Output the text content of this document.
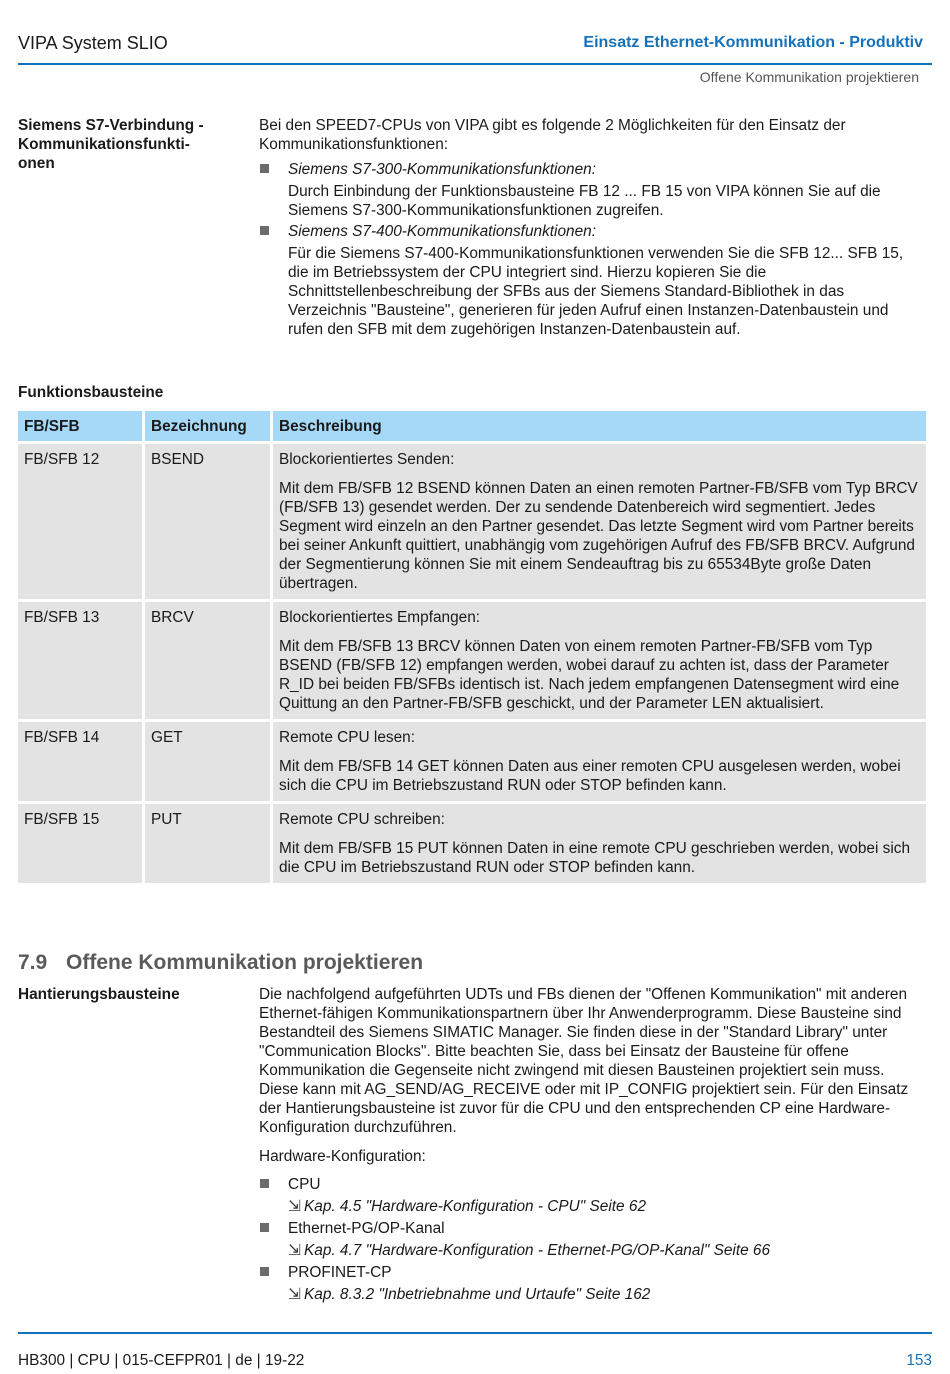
VIPA System SLIO	Einsatz Ethernet-Kommunikation - Produktiv
Offene Kommunikation projektieren
Siemens S7-Verbindung -
Kommunikationsfunkti-
onen

Bei den SPEED7-CPUs von VIPA gibt es folgende 2 Möglichkeiten für den Einsatz der Kommunikationsfunktionen:

Siemens S7-300-Kommunikationsfunktionen:
Durch Einbindung der Funktionsbausteine FB 12 ... FB 15 von VIPA können Sie auf die Siemens S7-300-Kommunikationsfunktionen zugreifen.
Siemens S7-400-Kommunikationsfunktionen:
Für die Siemens S7-400-Kommunikationsfunktionen verwenden Sie die SFB 12... SFB 15, die im Betriebssystem der CPU integriert sind. Hierzu kopieren Sie die Schnittstellenbeschreibung der SFBs aus der Siemens Standard-Bibliothek in das Verzeichnis "Bausteine", generieren für jeden Aufruf einen Instanzen-Datenbaustein und rufen den SFB mit dem zugehörigen Instanzen-Datenbaustein auf.
Funktionsbausteine
FB/SFB	Bezeichnung	Beschreibung
FB/SFB 12	BSEND	Blockorientiertes Senden:
Mit dem FB/SFB 12 BSEND können Daten an einen remoten Partner-FB/SFB vom Typ BRCV (FB/SFB 13) gesendet werden. Der zu sendende Datenbereich wird segmentiert. Jedes Segment wird einzeln an den Partner gesendet. Das letzte Segment wird vom Partner bereits bei seiner Ankunft quittiert, unabhängig vom zugehörigen Aufruf des FB/SFB BRCV. Aufgrund der Segmentierung können Sie mit einem Sendeauftrag bis zu 65534Byte große Daten übertragen.

FB/SFB 13	BRCV	Blockorientiertes Empfangen:
Mit dem FB/SFB 13 BRCV können Daten von einem remoten Partner-FB/SFB vom Typ BSEND (FB/SFB 12) empfangen werden, wobei darauf zu achten ist, dass der Parameter R_ID bei beiden FB/SFBs identisch ist. Nach jedem empfangenen Datensegment wird eine Quittung an den Partner-FB/SFB geschickt, und der Parameter LEN aktualisiert.

FB/SFB 14	GET	Remote CPU lesen:
Mit dem FB/SFB 14 GET können Daten aus einer remoten CPU ausgelesen werden, wobei sich die CPU im Betriebszustand RUN oder STOP befinden kann.

FB/SFB 15	PUT	Remote CPU schreiben:
Mit dem FB/SFB 15 PUT können Daten in eine remote CPU geschrieben werden, wobei sich die CPU im Betriebszustand RUN oder STOP befinden kann.
7.9 Offene Kommunikation projektieren
Hantierungsbausteine	Die nachfolgend aufgeführten UDTs und FBs dienen der "Offenen Kommunikation" mit anderen Ethernet-fähigen Kommunikationspartnern über Ihr Anwenderprogramm. Diese Bausteine sind Bestandteil des Siemens SIMATIC Manager. Sie finden diese in der "Standard Library" unter "Communication Blocks". Bitte beachten Sie, dass bei Einsatz der Bausteine für offene Kommunikation die Gegenseite nicht zwingend mit diesen Bausteinen projektiert sein muss. Diese kann mit AG_SEND/AG_RECEIVE oder mit IP_CONFIG projektiert sein. Für den Einsatz der Hantierungsbausteine ist zuvor für die CPU und den entsprechenden CP eine Hardware-Konfiguration durchzuführen.

Hardware-Konfiguration:

CPU
⇲ Kap. 4.5 "Hardware-Konfiguration - CPU" Seite 62
Ethernet-PG/OP-Kanal
⇲ Kap. 4.7 "Hardware-Konfiguration - Ethernet-PG/OP-Kanal" Seite 66
PROFINET-CP
⇲ Kap. 8.3.2 "Inbetriebnahme und Urtaufe" Seite 162
HB300 | CPU | 015-CEFPR01 | de | 19-22	153
